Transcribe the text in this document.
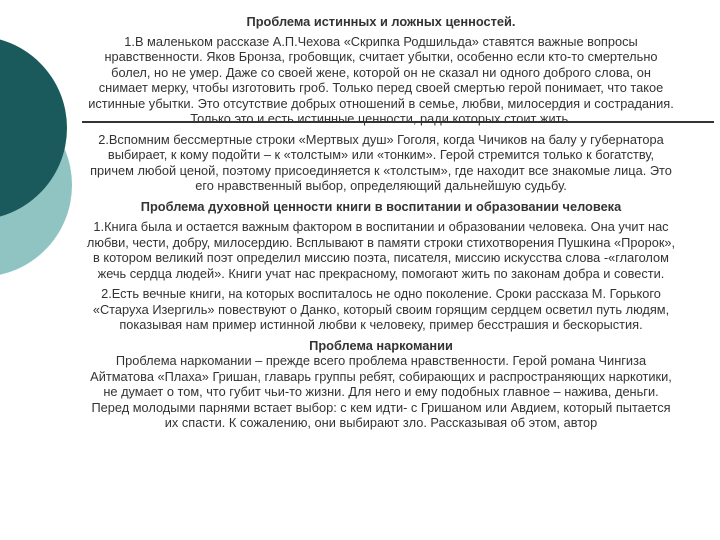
Проблема истинных и ложных ценностей.

1.В маленьком рассказе А.П.Чехова «Скрипка Родшильда» ставятся важные вопросы нравственности. Яков Бронза, гробовщик, считает убытки, особенно если кто-то смертельно болел, но не умер. Даже со своей жене, которой он не сказал ни одного доброго слова, он снимает мерку, чтобы изготовить гроб. Только перед своей смертью герой понимает, что такое истинные убытки. Это отсутствие добрых отношений в семье, любви, милосердия и сострадания. Только это и есть истинные ценности, ради которых стоит жить.

2.Вспомним бессмертные строки «Мертвых душ» Гоголя, когда Чичиков на балу у губернатора выбирает, к кому подойти – к «толстым» или «тонким». Герой стремится только к богатству, причем любой ценой, поэтому присоединяется к «толстым», где находит все знакомые лица. Это его нравственный выбор, определяющий дальнейшую судьбу.

Проблема духовной ценности книги в воспитании и образовании человека

1.Книга была и остается важным фактором в воспитании и образовании человека. Она учит нас любви, чести, добру, милосердию. Всплывают в памяти строки стихотворения Пушкина «Пророк», в котором великий поэт определил миссию поэта, писателя, миссию искусства слова -«глаголом жечь сердца людей». Книги учат нас прекрасному, помогают жить по законам добра и совести.

2.Есть вечные книги, на которых воспиталось не одно поколение. Сроки рассказа М. Горького «Старуха Изергиль» повествуют о Данко, который своим горящим сердцем осветил путь людям, показывая нам пример истинной любви к человеку, пример бесстрашия и бескорыстия.

Проблема наркомании

Проблема наркомании – прежде всего проблема нравственности. Герой романа Чингиза Айтматова «Плаха» Гришан, главарь группы ребят, собирающих и распространяющих наркотики, не думает о том, что губит чьи-то жизни. Для него и ему подобных главное – нажива, деньги. Перед молодыми парнями встает выбор: с кем идти- с Гришаном или Авдием, который пытается их спасти. К сожалению, они выбирают зло. Рассказывая об этом, автор
